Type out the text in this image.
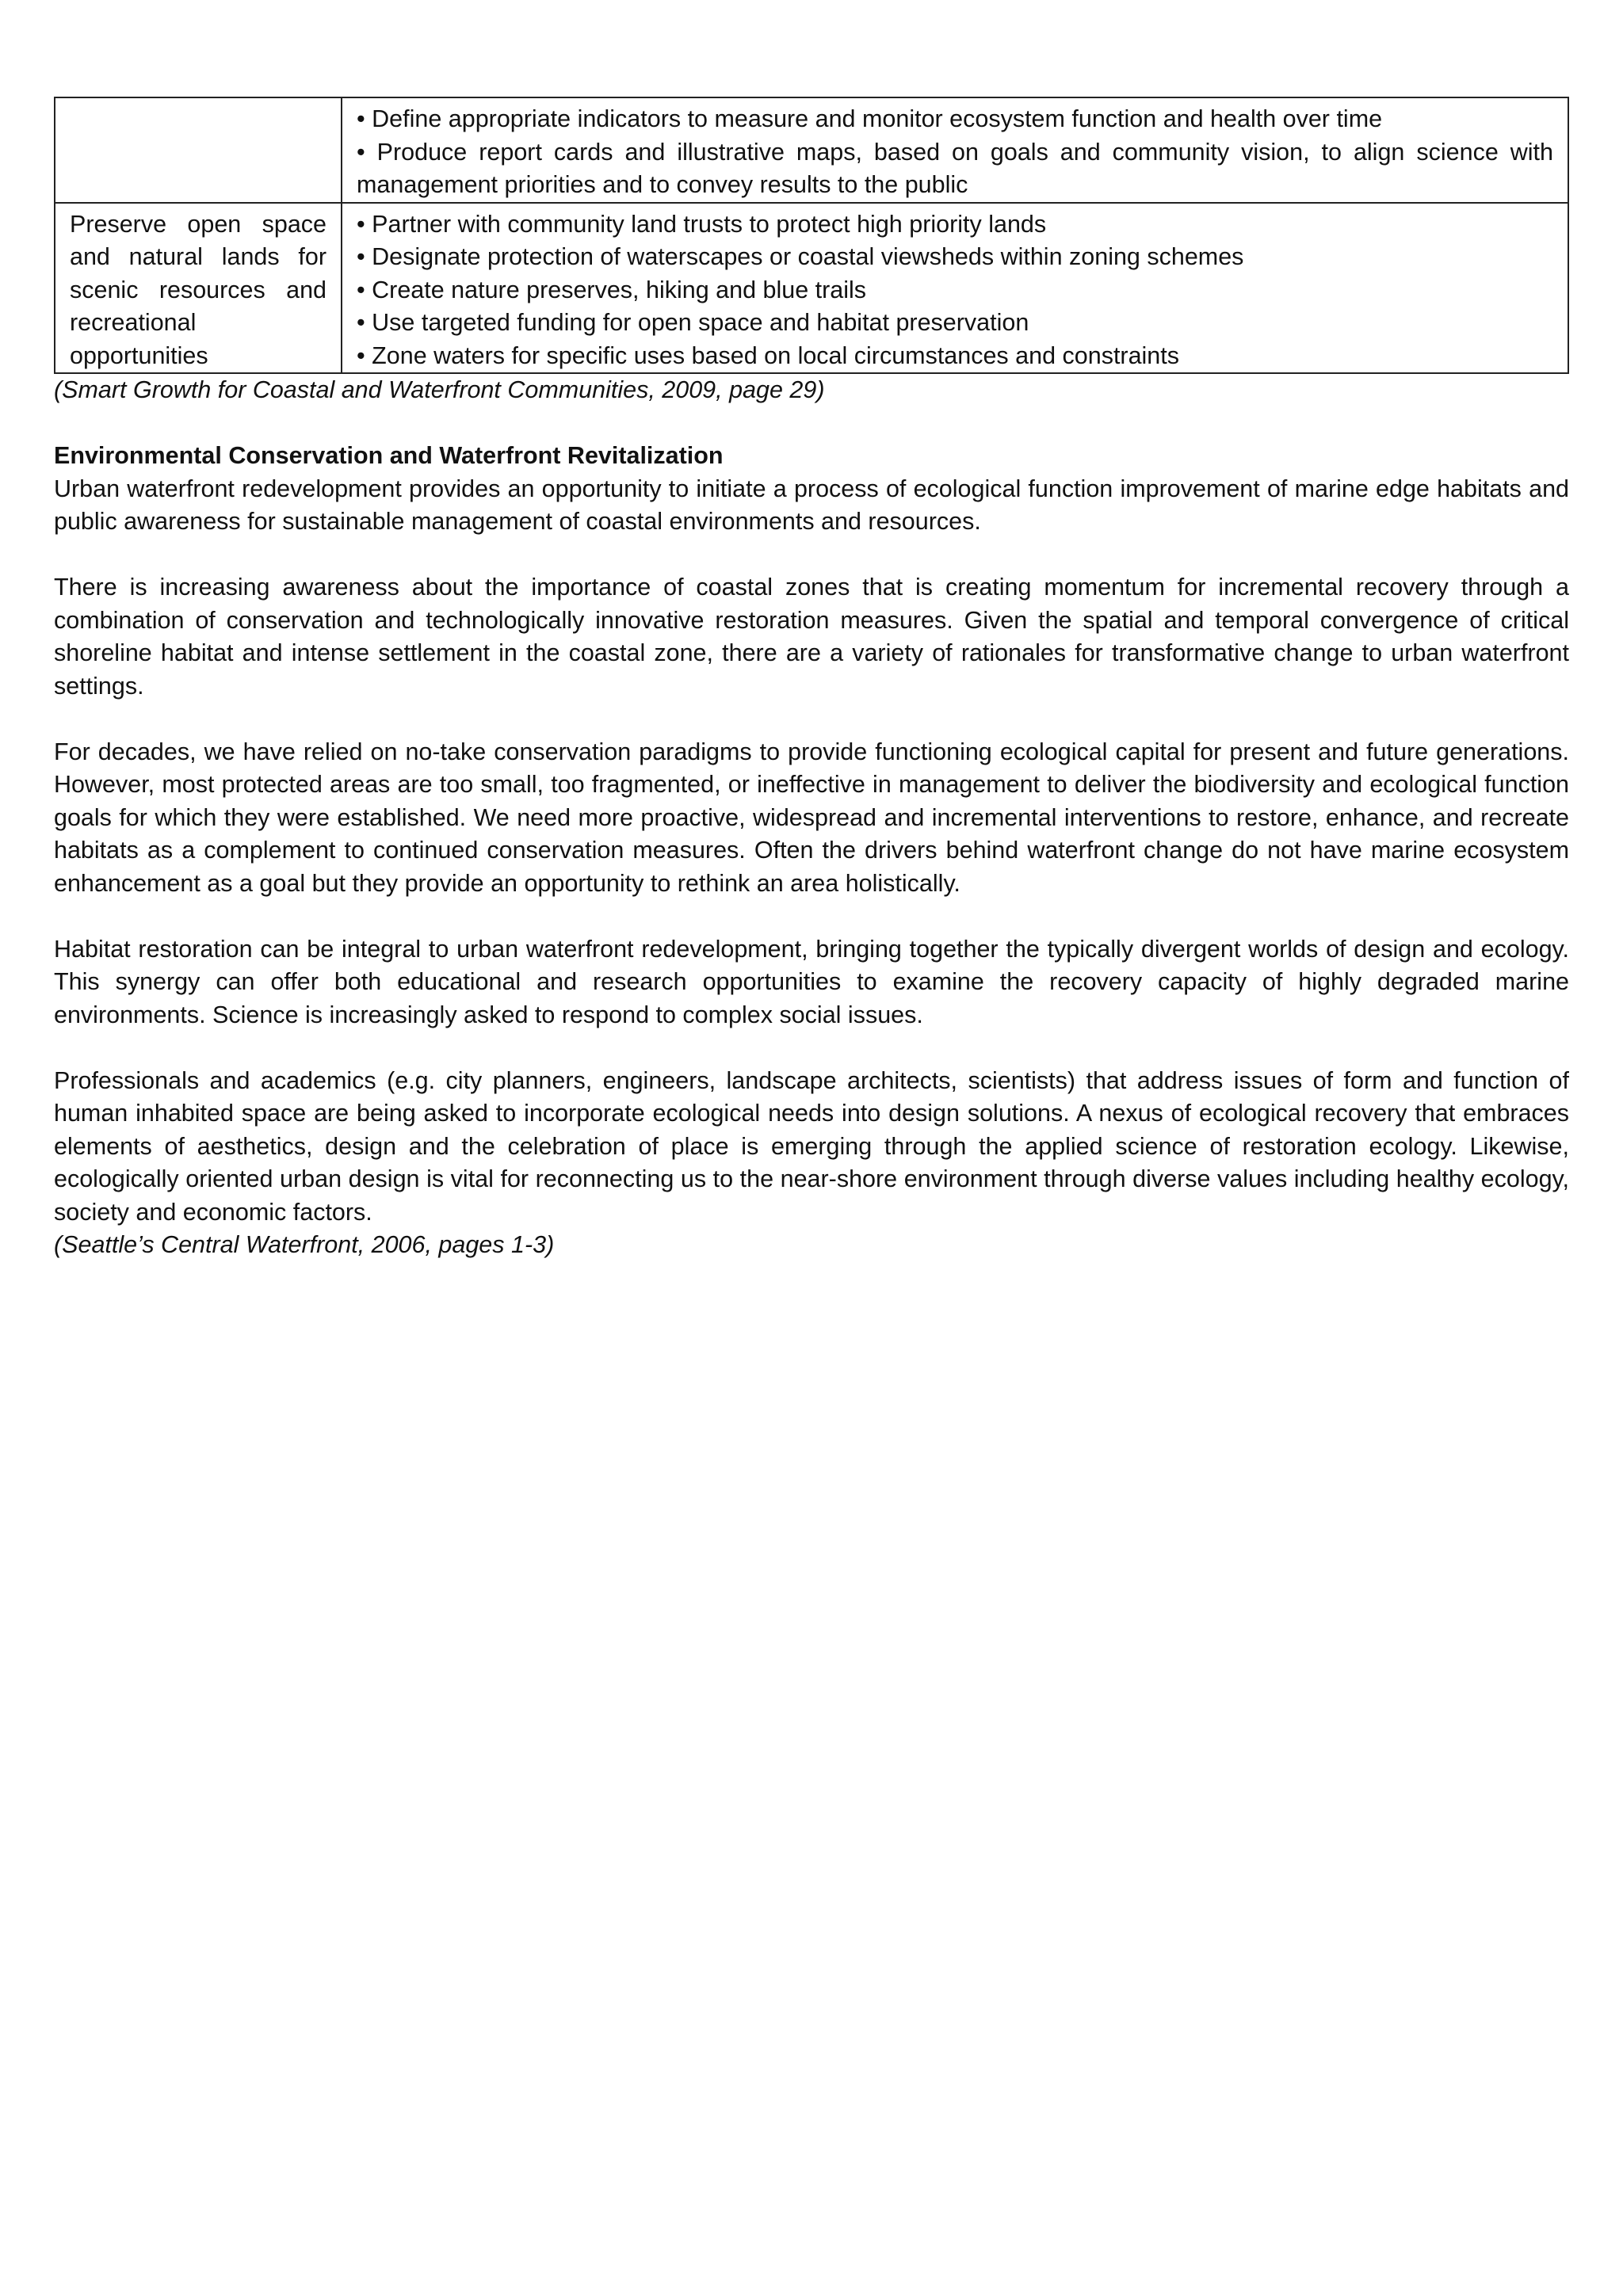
	• Define appropriate indicators to measure and monitor ecosystem function and health over time
• Produce report cards and illustrative maps, based on goals and community vision, to align science with management priorities and to convey results to the public

Preserve open space and natural lands for scenic resources and recreational opportunities	• Partner with community land trusts to protect high priority lands
• Designate protection of waterscapes or coastal viewsheds within zoning schemes
• Create nature preserves, hiking and blue trails
• Use targeted funding for open space and habitat preservation
• Zone waters for specific uses based on local circumstances and constraints
(Smart Growth for Coastal and Waterfront Communities, 2009, page 29)
Environmental Conservation and Waterfront Revitalization

Urban waterfront redevelopment provides an opportunity to initiate a process of ecological function improvement of marine edge habitats and public awareness for sustainable management of coastal environments and resources.

There is increasing awareness about the importance of coastal zones that is creating momentum for incremental recovery through a combination of conservation and technologically innovative restoration measures. Given the spatial and temporal convergence of critical shoreline habitat and intense settlement in the coastal zone, there are a variety of rationales for transformative change to urban waterfront settings.

For decades, we have relied on no-take conservation paradigms to provide functioning ecological capital for present and future generations. However, most protected areas are too small, too fragmented, or ineffective in management to deliver the biodiversity and ecological function goals for which they were established. We need more proactive, widespread and incremental interventions to restore, enhance, and recreate habitats as a complement to continued conservation measures. Often the drivers behind waterfront change do not have marine ecosystem enhancement as a goal but they provide an opportunity to rethink an area holistically.

Habitat restoration can be integral to urban waterfront redevelopment, bringing together the typically divergent worlds of design and ecology. This synergy can offer both educational and research opportunities to examine the recovery capacity of highly degraded marine environments. Science is increasingly asked to respond to complex social issues.

Professionals and academics (e.g. city planners, engineers, landscape architects, scientists) that address issues of form and function of human inhabited space are being asked to incorporate ecological needs into design solutions. A nexus of ecological recovery that embraces elements of aesthetics, design and the celebration of place is emerging through the applied science of restoration ecology. Likewise, ecologically oriented urban design is vital for reconnecting us to the near-shore environment through diverse values including healthy ecology, society and economic factors.

(Seattle’s Central Waterfront, 2006, pages 1-3)
